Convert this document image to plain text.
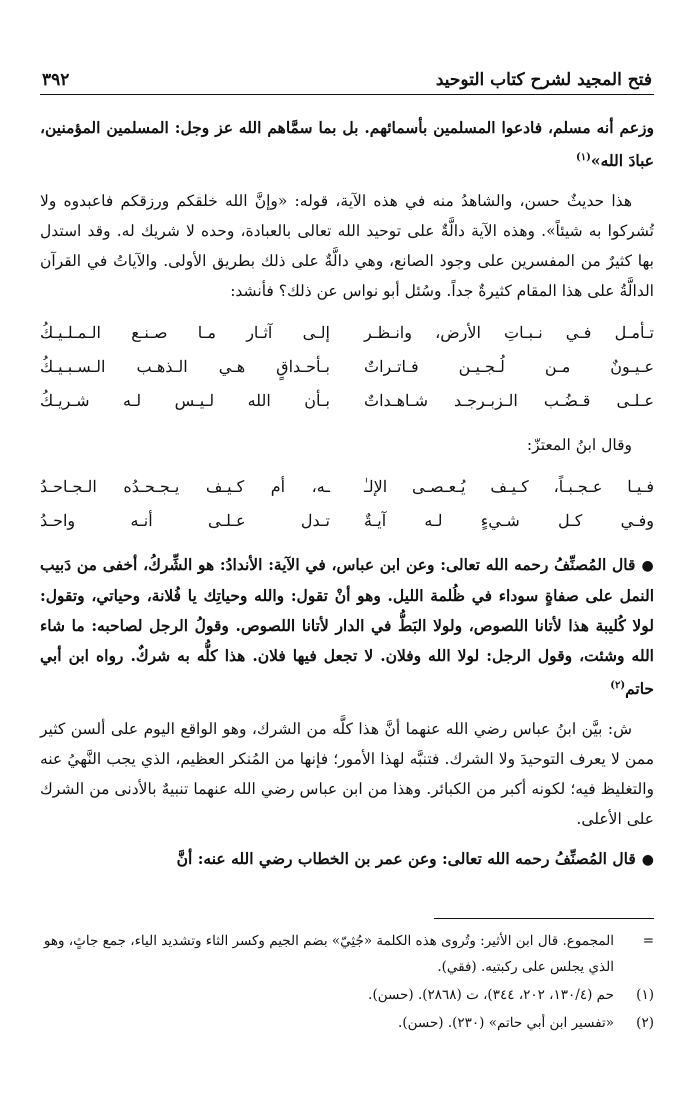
فتح المجيد لشرح كتاب التوحيد
٣٩٢

وزعم أنه مسلم، فادعوا المسلمين بأسمائهم. بل بما سمَّاهم الله عز وجل: المسلمين المؤمنين، عبادَ الله»$^{(١)}$

هذا حديثٌ حسن، والشاهدُ منه في هذه الآية، قوله: «وإنَّ الله خلقكم ورزقكم فاعبدوه ولا تُشركوا به شيئاً». وهذه الآية دالَّةٌ على توحيد الله تعالى بالعبادة، وحده لا شريك له. وقد استدل بها كثيرٌ من المفسرين على وجود الصانع، وهي دالَّةٌ على ذلك بطريق الأولى. والآياتُ في القرآن الدالَّةُ على هذا المقام كثيرةٌ جداً. وسُئل أبو نواس عن ذلك؟ فأنشد:

تـأمـل فـي نـبـاتِ الأرض، وانـظـر
إلـى آثـار مـا صـنـع الـمـلـيـكُ
عـيـونٌ مـن لُـجـيـن فـاتـراتٌ
بـأحـداقٍ هـي الـذهـب الـسـبـيـكُ
عـلـى قـضُـب الـزبـرجـد شـاهـداتٌ
بـأن الله لـيـس لـه شـريـكُ

وقال ابنُ المعتزّ:

فـيـا عـجـبـاً، كـيـف يُـعـصـى الإلـٰ
ـه، أم كـيـف يـجـحـدُه الـجـاحـدُ
وفـي كـل شـيءٍ لـه آيـةٌ
تـدل عـلـى أنـه واحـدُ

●قال المُصنِّفُ رحمه الله تعالى: وعن ابن عباس، في الآية: الأندادُ: هو الشِّركُ، أخفى من دَبيب النمل على صفاةٍ سوداء في ظُلمة الليل. وهو أنْ تقول: والله وحياتِك يا فُلانة، وحياتي، وتقول: لولا كُليبة هذا لأتانا اللصوص، ولولا البَطُّ في الدار لأتانا اللصوص. وقولُ الرجل لصاحبه: ما شاء الله وشئت، وقول الرجل: لولا الله وفلان. لا تجعل فيها فلان. هذا كلُّه به شركٌ. رواه ابن أبي حاتم$^{(٢)}$

ش: بيَّن ابنُ عباس رضي الله عنهما أنَّ هذا كلَّه من الشرك، وهو الواقع اليوم على ألسن كثير ممن لا يعرف التوحيدَ ولا الشرك. فتنبَّه لهذا الأمور؛ فإنها من المُنكر العظيم، الذي يجب النَّهيُ عنه والتغليظ فيه؛ لكونه أكبر من الكبائر. وهذا من ابن عباس رضي الله عنهما تنبيهٌ بالأدنى من الشرك على الأعلى.

●قال المُصنِّفُ رحمه الله تعالى: وعن عمر بن الخطاب رضي الله عنه: أنَّ

=
المجموع. قال ابن الأثير: وتُروى هذه الكلمة «جُثِيّ» بضم الجيم وكسر الثاء وتشديد الياء، جمع جاثٍ، وهو الذي يجلس على ركبتيه. (فقي).
(١)
حم (١٣٠/٤، ٢٠٢، ٣٤٤)، ت (٢٨٦٨). (حسن).
(٢)
«تفسير ابن أبي حاتم» (٢٣٠). (حسن).
